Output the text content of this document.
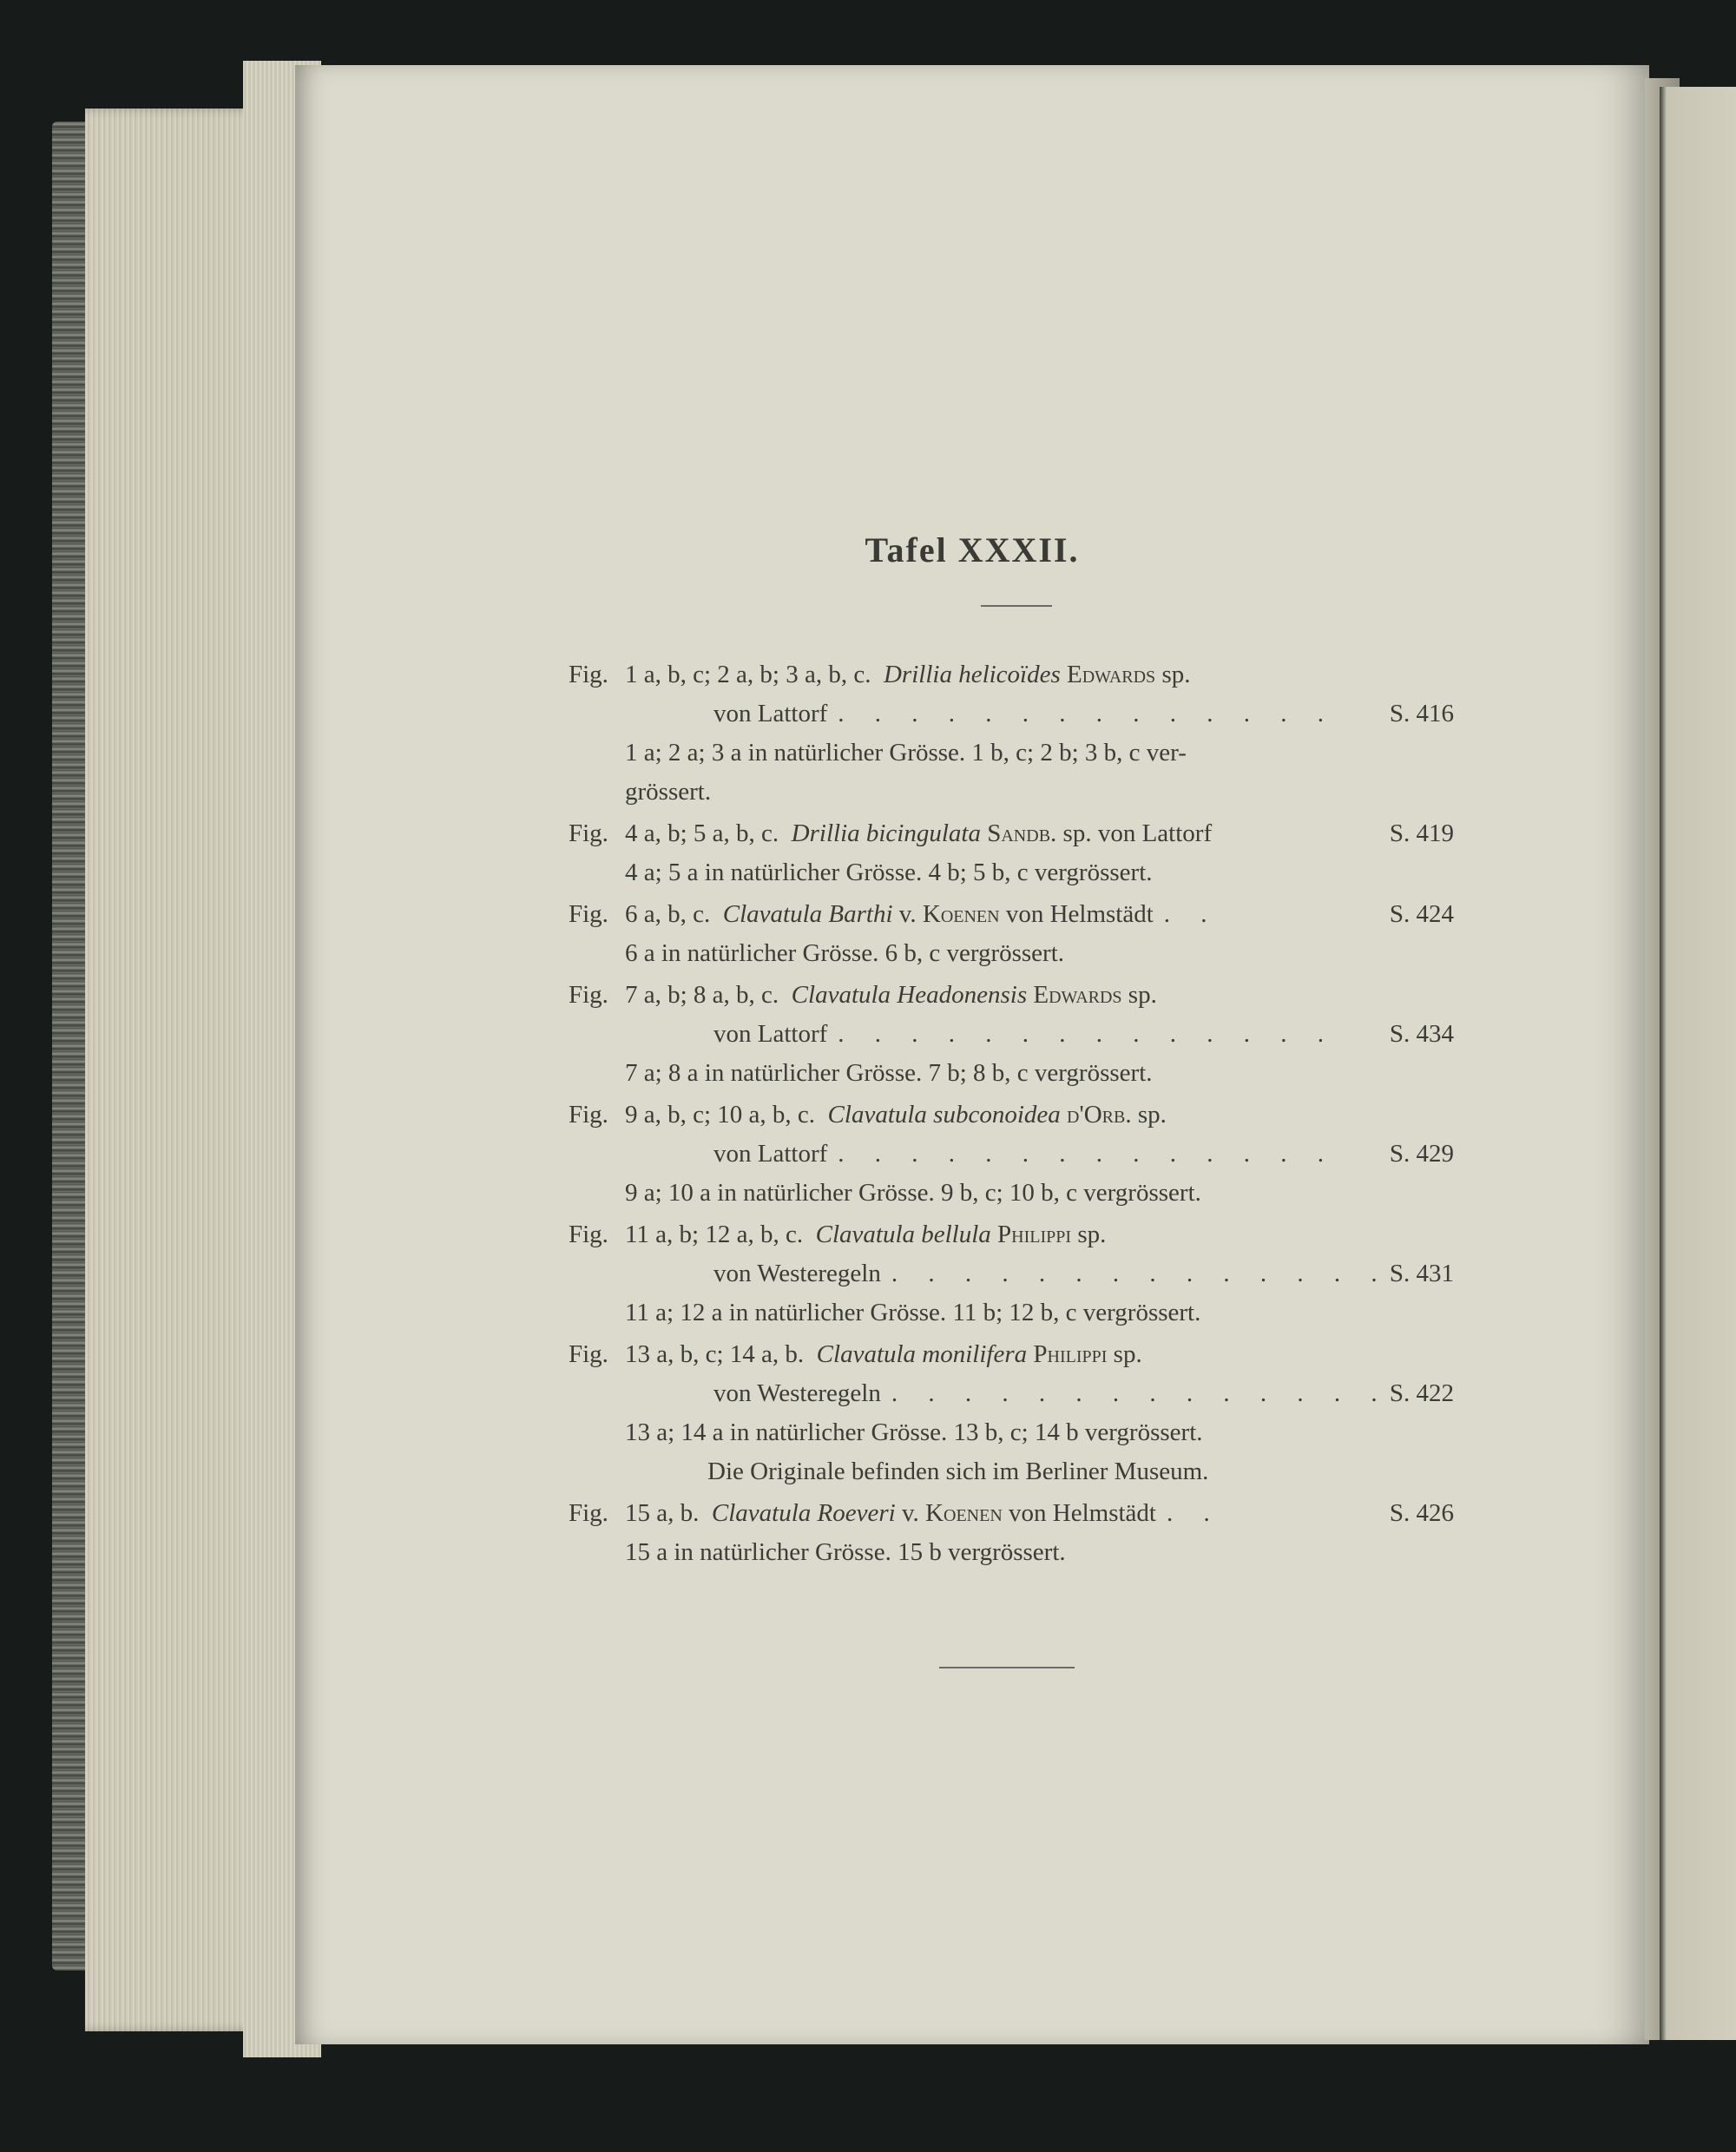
Tafel XXXII.
Fig. 1 a, b, c; 2 a, b; 3 a, b, c. Drillia helicoïdes Edwards sp.
von Lattorf . . . . . . . . . . . . . . S. 416
1 a; 2 a; 3 a in natürlicher Grösse. 1 b, c; 2 b; 3 b, c ver-
grössert.
Fig. 4 a, b; 5 a, b, c. Drillia bicingulata Sandb. sp. von Lattorf	S. 419
4 a; 5 a in natürlicher Grösse. 4 b; 5 b, c vergrössert.
Fig. 6 a, b, c. Clavatula Barthi v. Koenen von Helmstädt . .	S. 424
6 a in natürlicher Grösse. 6 b, c vergrössert.
Fig. 7 a, b; 8 a, b, c. Clavatula Headonensis Edwards sp.
von Lattorf . . . . . . . . . . . . . . S. 434
7 a; 8 a in natürlicher Grösse. 7 b; 8 b, c vergrössert.
Fig. 9 a, b, c; 10 a, b, c. Clavatula subconoidea d'Orb. sp.
von Lattorf . . . . . . . . . . . . . . S. 429
9 a; 10 a in natürlicher Grösse. 9 b, c; 10 b, c vergrössert.
Fig. 11 a, b; 12 a, b, c. Clavatula bellula Philippi sp.
von Westeregeln . . . . . . . . . . . . . . S. 431
11 a; 12 a in natürlicher Grösse. 11 b; 12 b, c vergrössert.
Fig. 13 a, b, c; 14 a, b. Clavatula monilifera Philippi sp.
von Westeregeln . . . . . . . . . . . . . . S. 422
13 a; 14 a in natürlicher Grösse. 13 b, c; 14 b vergrössert.
Die Originale befinden sich im Berliner Museum.
Fig. 15 a, b. Clavatula Roeveri v. Koenen von Helmstädt . .	S. 426
15 a in natürlicher Grösse. 15 b vergrössert.
